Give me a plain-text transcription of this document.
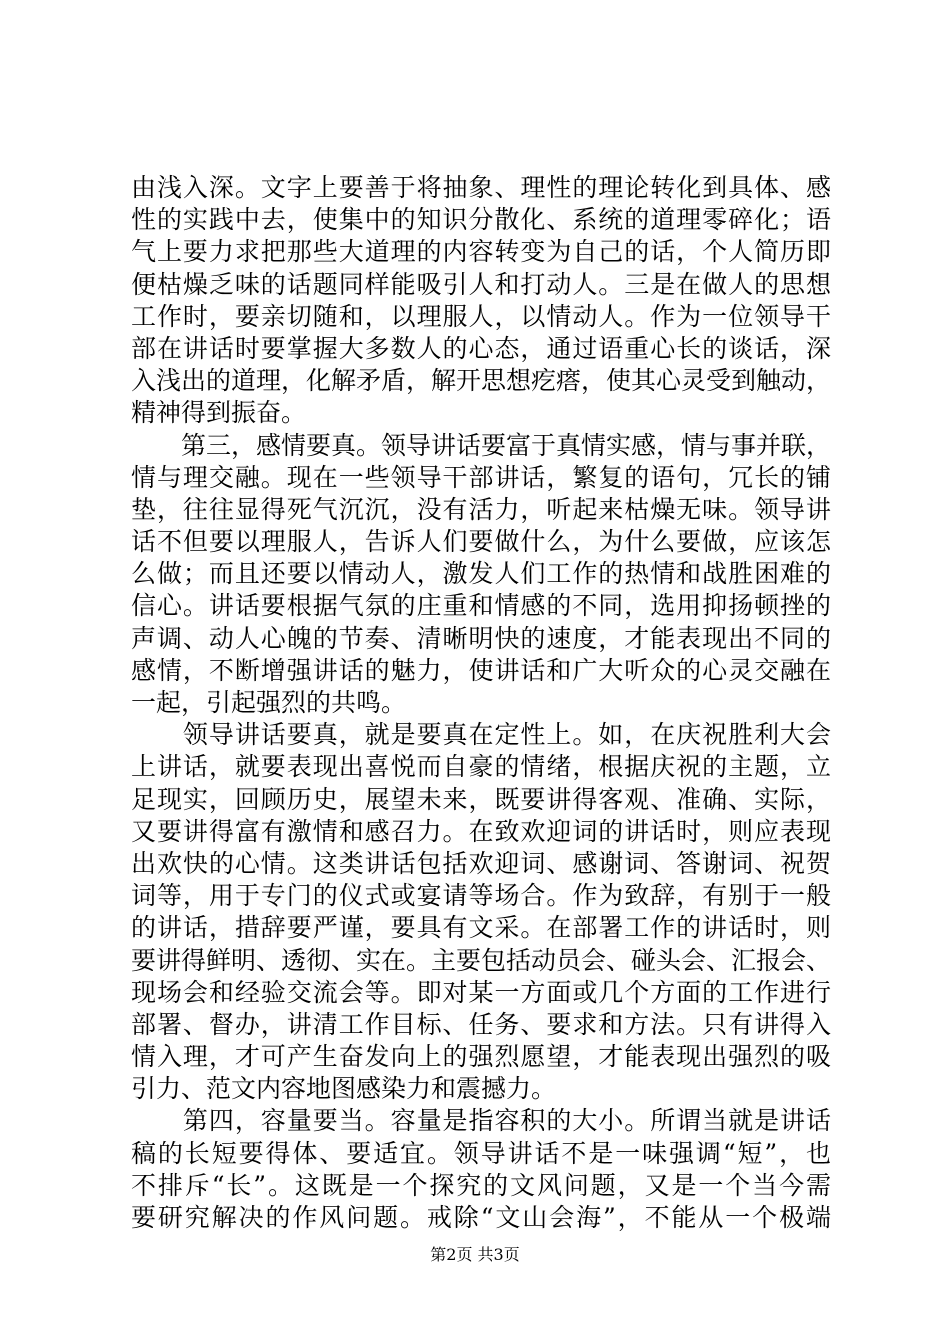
由浅入深。文字上要善于将抽象、理性的理论转化到具体、感
性的实践中去，使集中的知识分散化、系统的道理零碎化；语
气上要力求把那些大道理的内容转变为自己的话，个人简历即
便枯燥乏味的话题同样能吸引人和打动人。三是在做人的思想
工作时，要亲切随和，以理服人，以情动人。作为一位领导干
部在讲话时要掌握大多数人的心态，通过语重心长的谈话，深
入浅出的道理，化解矛盾，解开思想疙瘩，使其心灵受到触动，
精神得到振奋。
　　第三，感情要真。领导讲话要富于真情实感，情与事并联，
情与理交融。现在一些领导干部讲话，繁复的语句，冗长的铺
垫，往往显得死气沉沉，没有活力，听起来枯燥无味。领导讲
话不但要以理服人，告诉人们要做什么，为什么要做，应该怎
么做；而且还要以情动人，激发人们工作的热情和战胜困难的
信心。讲话要根据气氛的庄重和情感的不同，选用抑扬顿挫的
声调、动人心魄的节奏、清晰明快的速度，才能表现出不同的
感情，不断增强讲话的魅力，使讲话和广大听众的心灵交融在
一起，引起强烈的共鸣。
　　领导讲话要真，就是要真在定性上。如，在庆祝胜利大会
上讲话，就要表现出喜悦而自豪的情绪，根据庆祝的主题，立
足现实，回顾历史，展望未来，既要讲得客观、准确、实际，
又要讲得富有激情和感召力。在致欢迎词的讲话时，则应表现
出欢快的心情。这类讲话包括欢迎词、感谢词、答谢词、祝贺
词等，用于专门的仪式或宴请等场合。作为致辞，有别于一般
的讲话，措辞要严谨，要具有文采。在部署工作的讲话时，则
要讲得鲜明、透彻、实在。主要包括动员会、碰头会、汇报会、
现场会和经验交流会等。即对某一方面或几个方面的工作进行
部署、督办，讲清工作目标、任务、要求和方法。只有讲得入
情入理，才可产生奋发向上的强烈愿望，才能表现出强烈的吸
引力、范文内容地图感染力和震撼力。
　　第四，容量要当。容量是指容积的大小。所谓当就是讲话
稿的长短要得体、要适宜。领导讲话不是一味强调“短”，也
不排斥“长”。这既是一个探究的文风问题，又是一个当今需
要研究解决的作风问题。戒除“文山会海”，不能从一个极端
第2页 共3页
